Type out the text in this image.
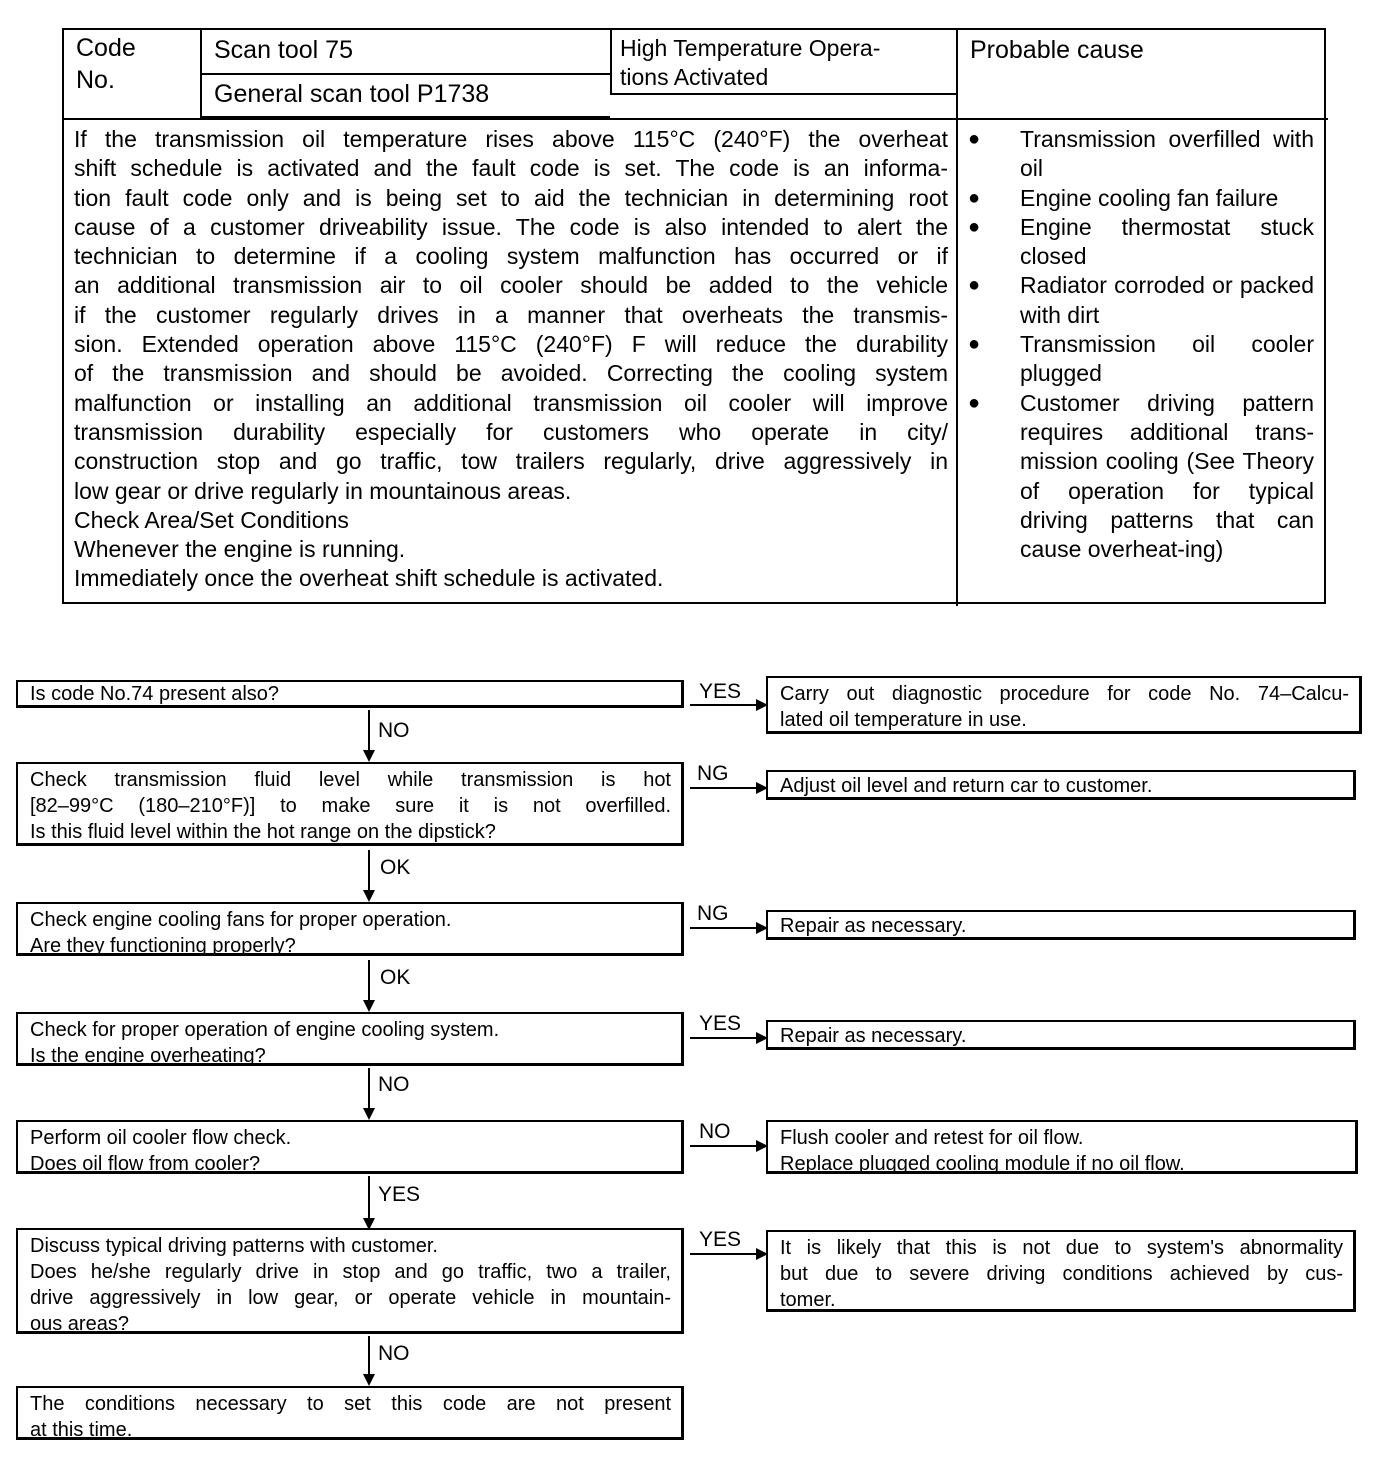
Code
No.
Scan tool 75
General scan tool P1738
High Temperature Opera-
tions Activated
Probable cause

If the transmission oil temperature rises above 115°C (240°F) the overheat

shift schedule is activated and the fault code is set. The code is an informa-

tion fault code only and is being set to aid the technician in determining root

cause of a customer driveability issue. The code is also intended to alert the

technician to determine if a cooling system malfunction has occurred or if

an additional transmission air to oil cooler should be added to the vehicle

if the customer regularly drives in a manner that overheats the transmis-

sion. Extended operation above 115°C (240°F) F will reduce the durability

of the transmission and should be avoided. Correcting the cooling system

malfunction or installing an additional transmission oil cooler will improve

transmission durability especially for customers who operate in city/

construction stop and go traffic, tow trailers regularly, drive aggressively in

low gear or drive regularly in mountainous areas.

Check Area/Set Conditions

Whenever the engine is running.

Immediately once the overheat shift schedule is activated.

● Transmission overfilled with oil
● Engine cooling fan failure
● Engine thermostat stuck closed
● Radiator corroded or packed with dirt
● Transmission oil cooler plugged
● Customer driving pattern requires additional trans-mission cooling (See Theory of operation for typical driving patterns that can cause overheat-ing)
Is code No.74 present also?	YES Carry out diagnostic procedure for code No. 74–Calcu-
lated oil temperature in use.
NO
Check transmission fluid level while transmission is hot
[82–99°C (180–210°F)] to make sure it is not overfilled.
Is this fluid level within the hot range on the dipstick?
NG
Adjust oil level and return car to customer.
OK
Check engine cooling fans for proper operation.
Are they functioning properly?
NG
Repair as necessary.
OK
Check for proper operation of engine cooling system.
Is the engine overheating?
YES
Repair as necessary.
NO
Perform oil cooler flow check.
Does oil flow from cooler?
NO Flush cooler and retest for oil flow.
Replace plugged cooling module if no oil flow.
YES
Discuss typical driving patterns with customer.
Does he/she regularly drive in stop and go traffic, two a trailer,
drive aggressively in low gear, or operate vehicle in mountain-
ous areas?
YES It is likely that this is not due to system's abnormality
but due to severe driving conditions achieved by cus-
tomer.
NO
The conditions necessary to set this code are not present
at this time.
